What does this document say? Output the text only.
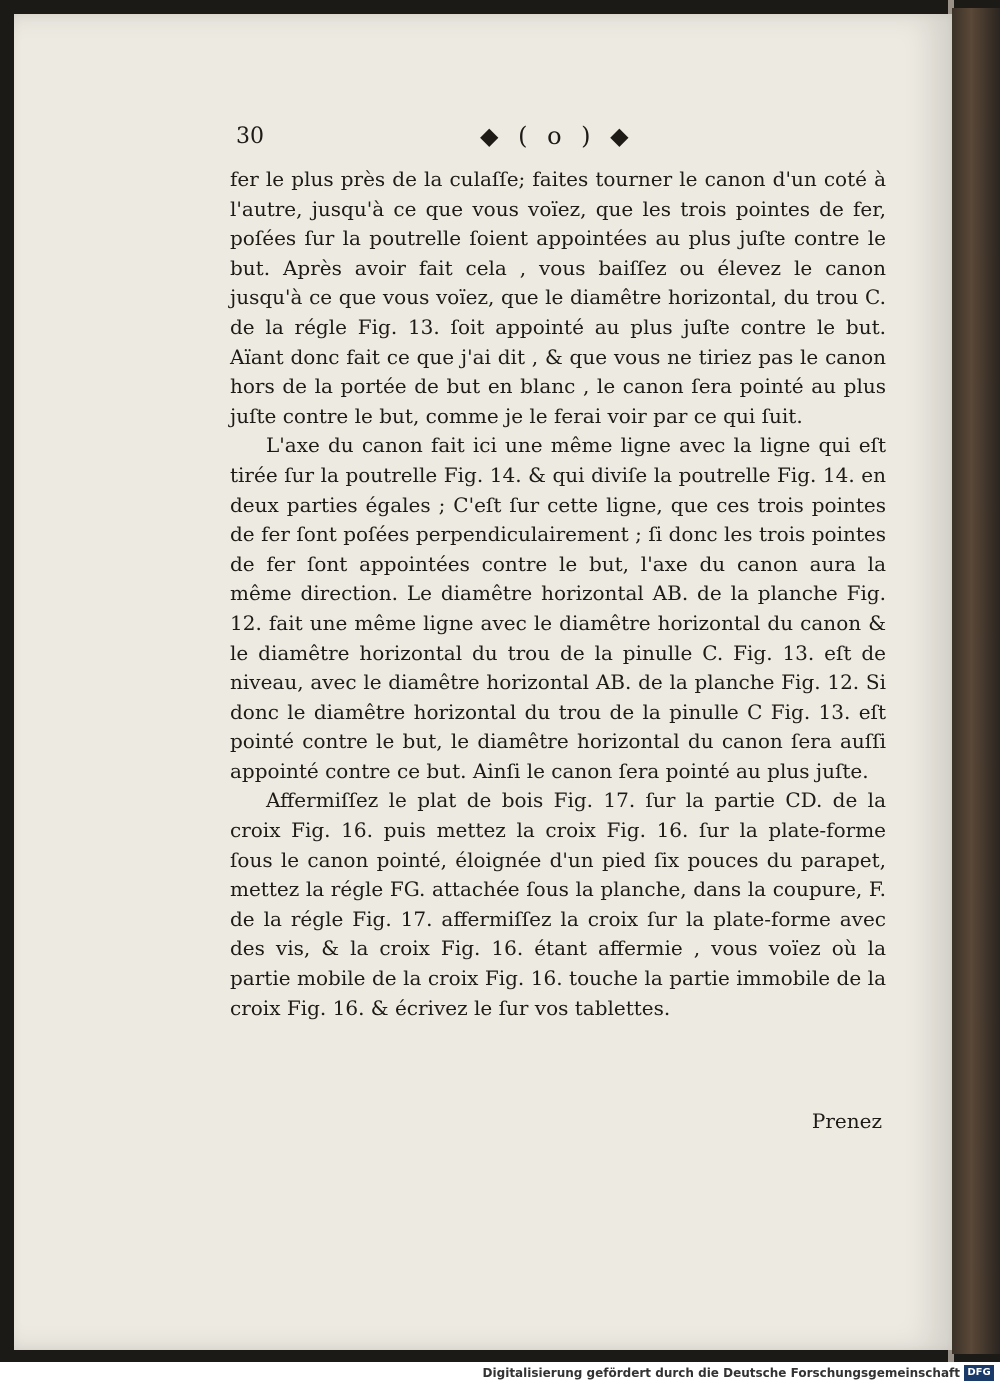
30	◆ ( o ) ◆

fer le plus près de la culaſſe; faites tourner le canon d'un coté à l'autre, jusqu'à ce que vous voïez, que les trois pointes de fer, poſées ſur la poutrelle ſoient appointées au plus juſte contre le but. Après avoir fait cela , vous baiſſez ou élevez le canon jusqu'à ce que vous voïez, que le diamêtre horizontal, du trou C. de la régle Fig. 13. ſoit appointé au plus juſte contre le but. Aïant donc fait ce que j'ai dit , & que vous ne tiriez pas le canon hors de la portée de but en blanc , le canon ſera pointé au plus juſte contre le but, comme je le ferai voir par ce qui ſuit.

L'axe du canon fait ici une même ligne avec la ligne qui eſt tirée ſur la poutrelle Fig. 14. & qui diviſe la poutrelle Fig. 14. en deux parties égales ; C'eſt ſur cette ligne, que ces trois pointes de fer ſont poſées perpendiculairement ; ſi donc les trois pointes de fer ſont appointées contre le but, l'axe du canon aura la même direction. Le diamêtre horizontal AB. de la planche Fig. 12. fait une même ligne avec le diamêtre horizontal du canon & le diamêtre horizontal du trou de la pinulle C. Fig. 13. eſt de niveau, avec le diamêtre horizontal AB. de la planche Fig. 12. Si donc le diamêtre horizontal du trou de la pinulle C Fig. 13. eſt pointé contre le but, le diamêtre horizontal du canon ſera auſſi appointé contre ce but. Ainſi le canon ſera pointé au plus juſte.

Affermiſſez le plat de bois Fig. 17. ſur la partie CD. de la croix Fig. 16. puis mettez la croix Fig. 16. ſur la plate-forme ſous le canon pointé, éloignée d'un pied ſix pouces du parapet, mettez la régle FG. attachée ſous la planche, dans la coupure, F. de la régle Fig. 17. affermiſſez la croix ſur la plate-forme avec des vis, & la croix Fig. 16. étant affermie , vous voïez où la partie mobile de la croix Fig. 16. touche la partie immobile de la croix Fig. 16. & écrivez le ſur vos tablettes.

Prenez
Digitalisierung gefördert durch die Deutsche Forschungsgemeinschaft DFG
